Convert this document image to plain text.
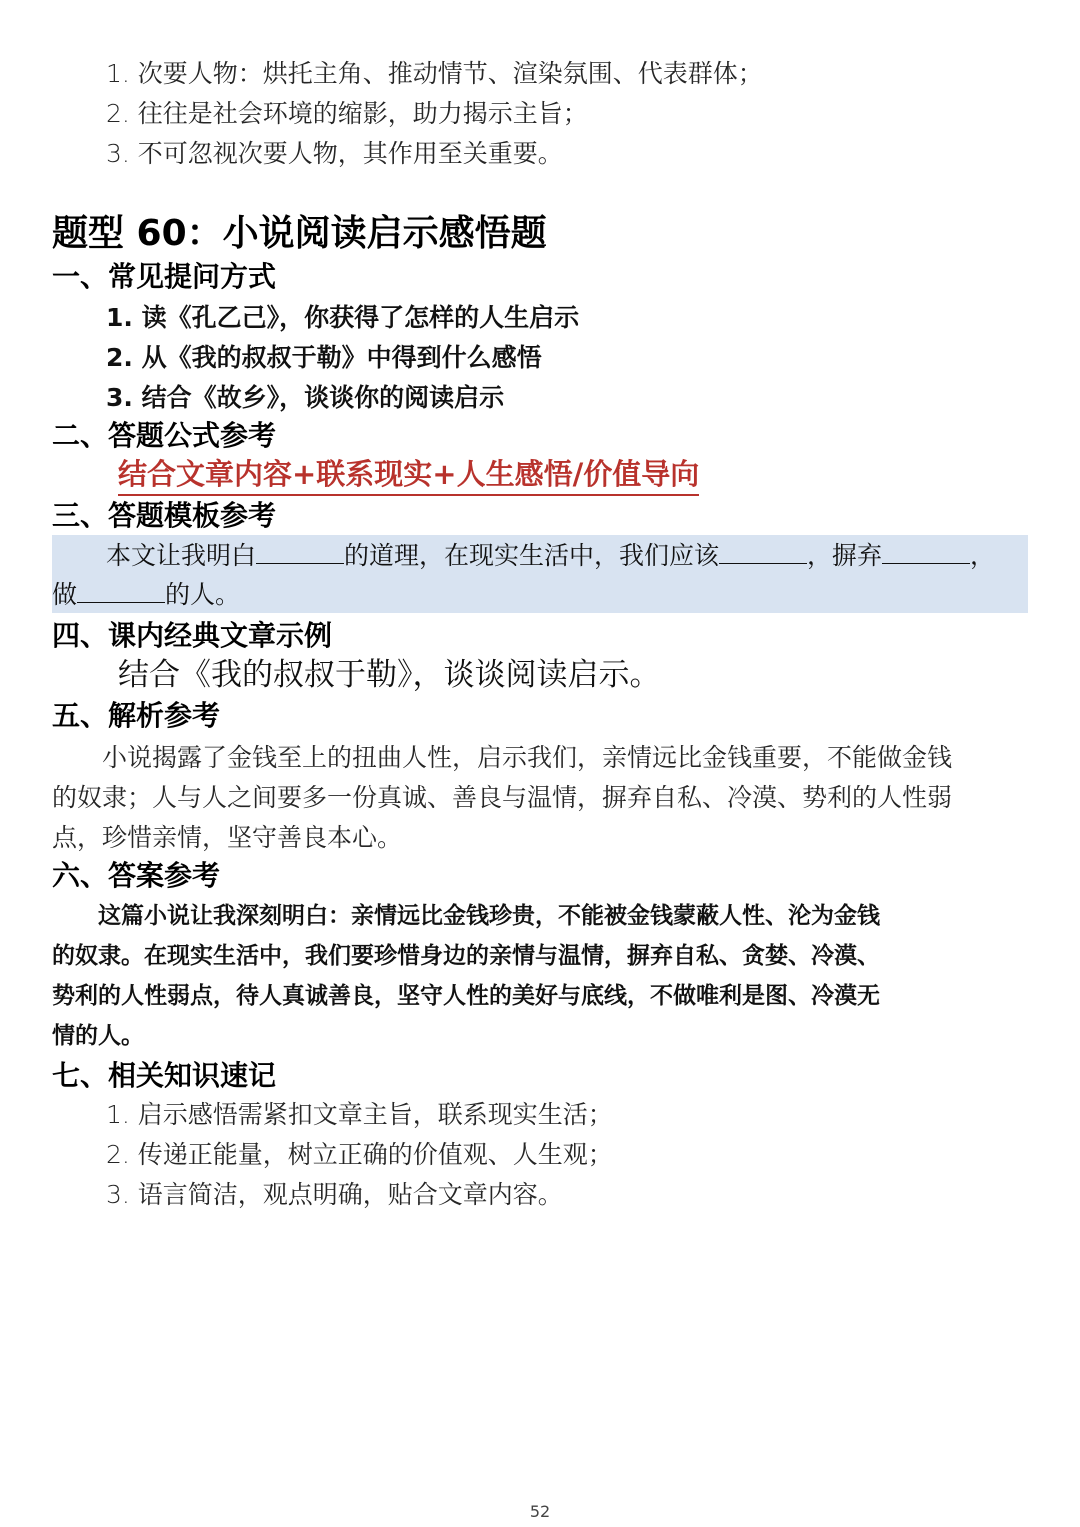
1. 次要人物：烘托主角、推动情节、渲染氛围、代表群体；
2. 往往是社会环境的缩影，助力揭示主旨；
3. 不可忽视次要人物，其作用至关重要。
题型 60：小说阅读启示感悟题
一、常见提问方式
1. 读《孔乙己》，你获得了怎样的人生启示
2. 从《我的叔叔于勒》中得到什么感悟
3. 结合《故乡》，谈谈你的阅读启示
二、答题公式参考
结合文章内容+联系现实+人生感悟/价值导向
三、答题模板参考
本文让我明白	的道理，在现实生活中，我们应该	，摒弃	，
做	的人。
四、课内经典文章示例
结合《我的叔叔于勒》，谈谈阅读启示。
五、解析参考
　　小说揭露了金钱至上的扭曲人性，启示我们，亲情远比金钱重要，不能做金钱
的奴隶；人与人之间要多一份真诚、善良与温情，摒弃自私、冷漠、势利的人性弱
点，珍惜亲情，坚守善良本心。
六、答案参考
　　这篇小说让我深刻明白：亲情远比金钱珍贵，不能被金钱蒙蔽人性、沦为金钱
的奴隶。在现实生活中，我们要珍惜身边的亲情与温情，摒弃自私、贪婪、冷漠、
势利的人性弱点，待人真诚善良，坚守人性的美好与底线，不做唯利是图、冷漠无
情的人。
七、相关知识速记
1. 启示感悟需紧扣文章主旨，联系现实生活；
2. 传递正能量，树立正确的价值观、人生观；
3. 语言简洁，观点明确，贴合文章内容。
52
